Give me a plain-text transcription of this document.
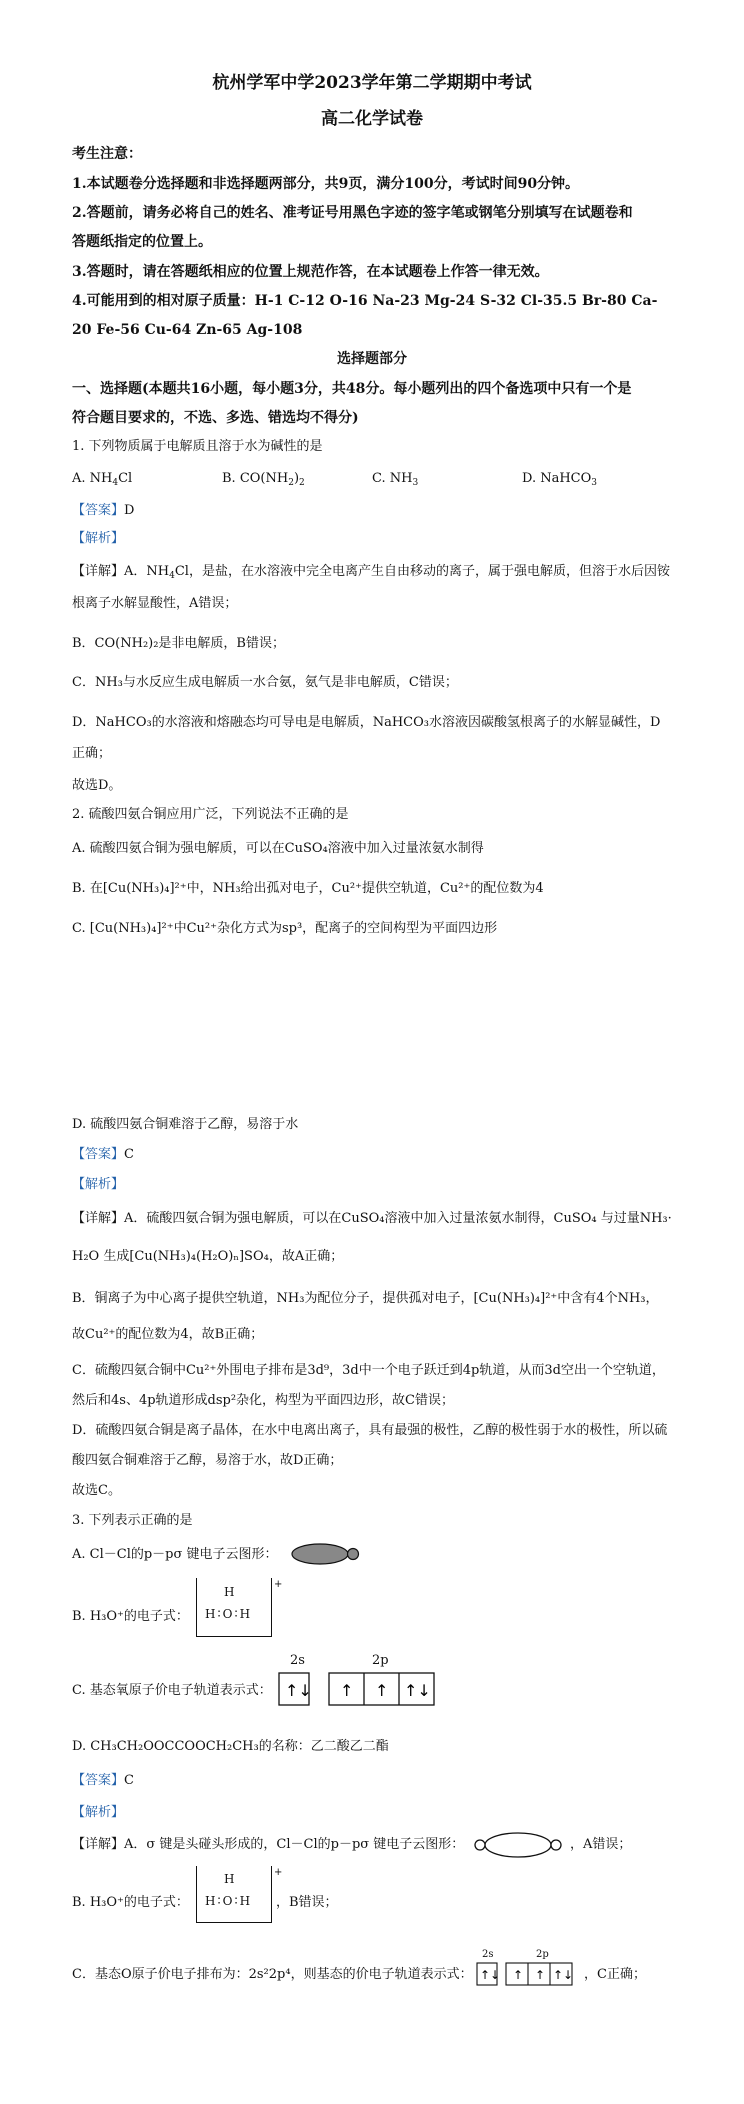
杭州学军中学2023学年第二学期期中考试
高二化学试卷
考生注意：
1.本试题卷分选择题和非选择题两部分，共9页，满分100分，考试时间90分钟。
2.答题前，请务必将自己的姓名、准考证号用黑色字迹的签字笔或钢笔分别填写在试题卷和
答题纸指定的位置上。
3.答题时，请在答题纸相应的位置上规范作答，在本试题卷上作答一律无效。
4.可能用到的相对原子质量：H-1 C-12 O-16 Na-23 Mg-24 S-32 Cl-35.5 Br-80 Ca-
20 Fe-56 Cu-64 Zn-65 Ag-108
选择题部分
一、选择题(本题共16小题，每小题3分，共48分。每小题列出的四个备选项中只有一个是
符合题目要求的，不选、多选、错选均不得分)
1. 下列物质属于电解质且溶于水为碱性的是
A. $NH_4Cl$	B. $CO(NH_2)_2$	C. $NH_3$	D. NaHCO$_3$
【答案】D
【解析】
【详解】A．$NH_4Cl$，是盐，在水溶液中完全电离产生自由移动的离子，属于强电解质，但溶于水后因铵
根离子水解显酸性，A错误；
B．CO(NH₂)₂是非电解质，B错误；
C．NH₃与水反应生成电解质一水合氨，氨气是非电解质，C错误；
D．NaHCO₃的水溶液和熔融态均可导电是电解质，NaHCO₃水溶液因碳酸氢根离子的水解显碱性，D
正确；
故选D。
2. 硫酸四氨合铜应用广泛，下列说法不正确的是
A. 硫酸四氨合铜为强电解质，可以在CuSO₄溶液中加入过量浓氨水制得
B. 在[Cu(NH₃)₄]²⁺中，NH₃给出孤对电子，Cu²⁺提供空轨道，Cu²⁺的配位数为4
C. [Cu(NH₃)₄]²⁺中Cu²⁺杂化方式为sp³，配离子的空间构型为平面四边形
D. 硫酸四氨合铜难溶于乙醇，易溶于水
【答案】C
【解析】
【详解】A．硫酸四氨合铜为强电解质，可以在CuSO₄溶液中加入过量浓氨水制得，CuSO₄ 与过量NH₃·
H₂O 生成[Cu(NH₃)₄(H₂O)ₙ]SO₄，故A正确；
B．铜离子为中心离子提供空轨道，NH₃为配位分子，提供孤对电子，[Cu(NH₃)₄]²⁺中含有4个NH₃，
故Cu²⁺的配位数为4，故B正确；
C．硫酸四氨合铜中Cu²⁺外围电子排布是3d⁹，3d中一个电子跃迁到4p轨道，从而3d空出一个空轨道，
然后和4s、4p轨道形成dsp²杂化，构型为平面四边形，故C错误；
D．硫酸四氨合铜是离子晶体，在水中电离出离子，具有最强的极性，乙醇的极性弱于水的极性，所以硫
酸四氨合铜难溶于乙醇，易溶于水，故D正确；
故选C。
3. 下列表示正确的是
A. Cl－Cl的p－pσ 键电子云图形：
B. H₃O⁺的电子式：
H
H∶O∶H
+
C. 基态氧原子价电子轨道表示式：
2s	2p
↑↓ ↑ ↑ ↑↓
D. CH₃CH₂OOCCOOCH₂CH₃的名称：乙二酸乙二酯
【答案】C
【解析】
【详解】A．σ 键是头碰头形成的，Cl－Cl的p－pσ 键电子云图形：	，A错误；
B. H₃O⁺的电子式：
H
H∶O∶H
+
，B错误；
C．基态O原子价电子排布为：2s²2p⁴，则基态的价电子轨道表示式：
2s	2p
↑↓ ↑ ↑ ↑↓ ，C正确；
